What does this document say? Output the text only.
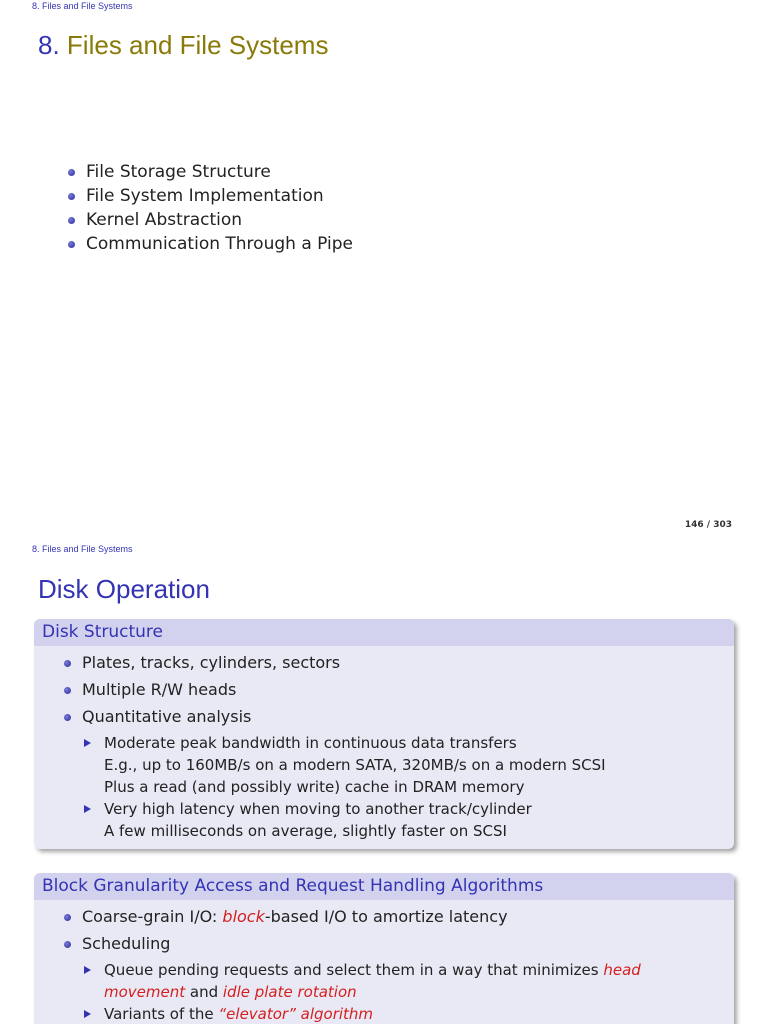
8. Files and File Systems
8. Files and File Systems
File Storage Structure
File System Implementation
Kernel Abstraction
Communication Through a Pipe
146 / 303
8. Files and File Systems
Disk Operation
Disk Structure
Plates, tracks, cylinders, sectors
Multiple R/W heads
Quantitative analysis
Moderate peak bandwidth in continuous data transfers
E.g., up to 160MB/s on a modern SATA, 320MB/s on a modern SCSI
Plus a read (and possibly write) cache in DRAM memory
Very high latency when moving to another track/cylinder
A few milliseconds on average, slightly faster on SCSI
Block Granularity Access and Request Handling Algorithms
Coarse-grain I/O: block-based I/O to amortize latency
Scheduling
Queue pending requests and select them in a way that minimizes head movement and idle plate rotation
Variants of the “elevator” algorithm
